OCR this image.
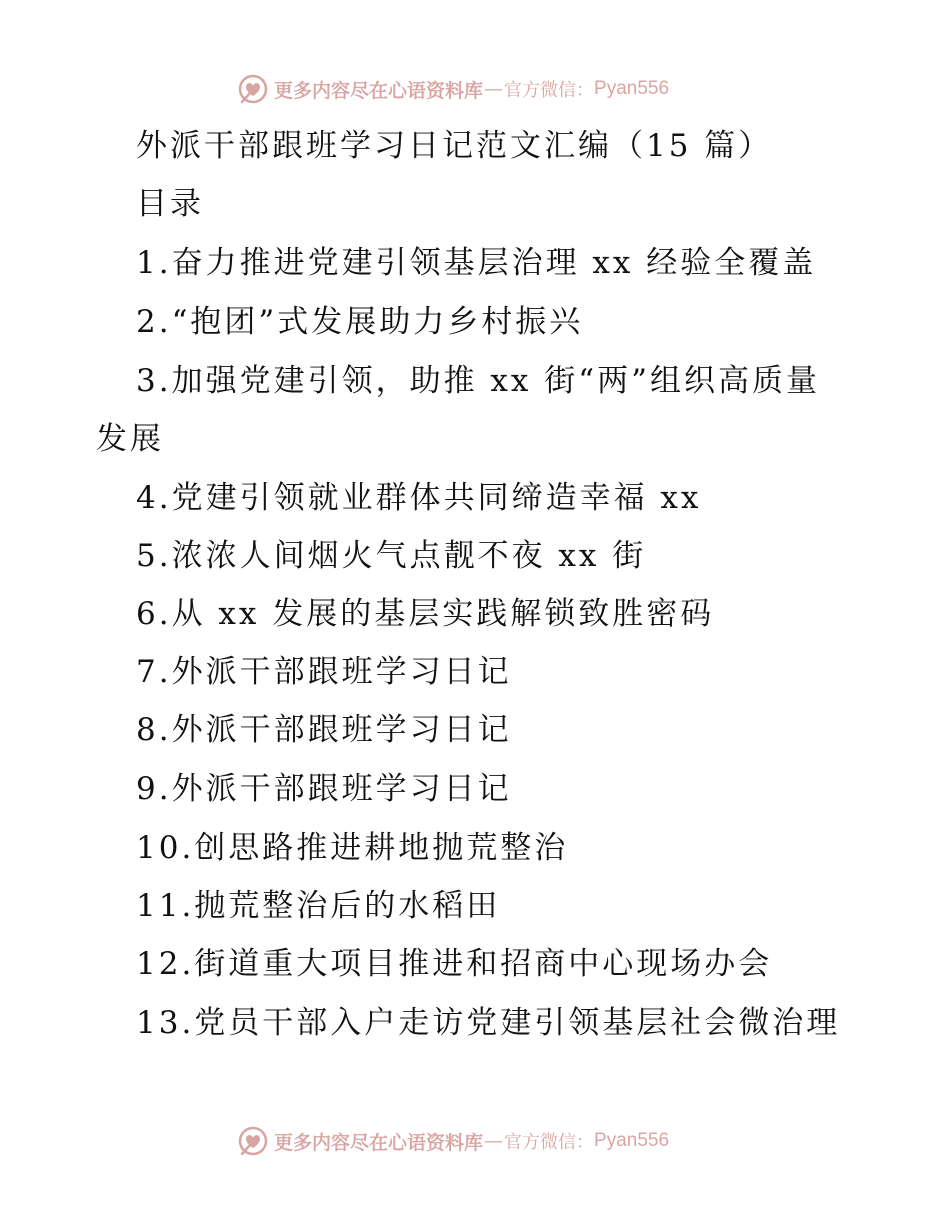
更多内容尽在心语资料库 — 官方微信： Pyan556
外派干部跟班学习日记范文汇编（15 篇）
目录
1.奋力推进党建引领基层治理 xx 经验全覆盖
2.“抱团”式发展助力乡村振兴
3.加强党建引领，助推 xx 街“两”组织高质量
发展
4.党建引领就业群体共同缔造幸福 xx
5.浓浓人间烟火气点靓不夜 xx 街
6.从 xx 发展的基层实践解锁致胜密码
7.外派干部跟班学习日记
8.外派干部跟班学习日记
9.外派干部跟班学习日记
10.创思路推进耕地抛荒整治
11.抛荒整治后的水稻田
12.街道重大项目推进和招商中心现场办会
13.党员干部入户走访党建引领基层社会微治理
更多内容尽在心语资料库 — 官方微信： Pyan556
